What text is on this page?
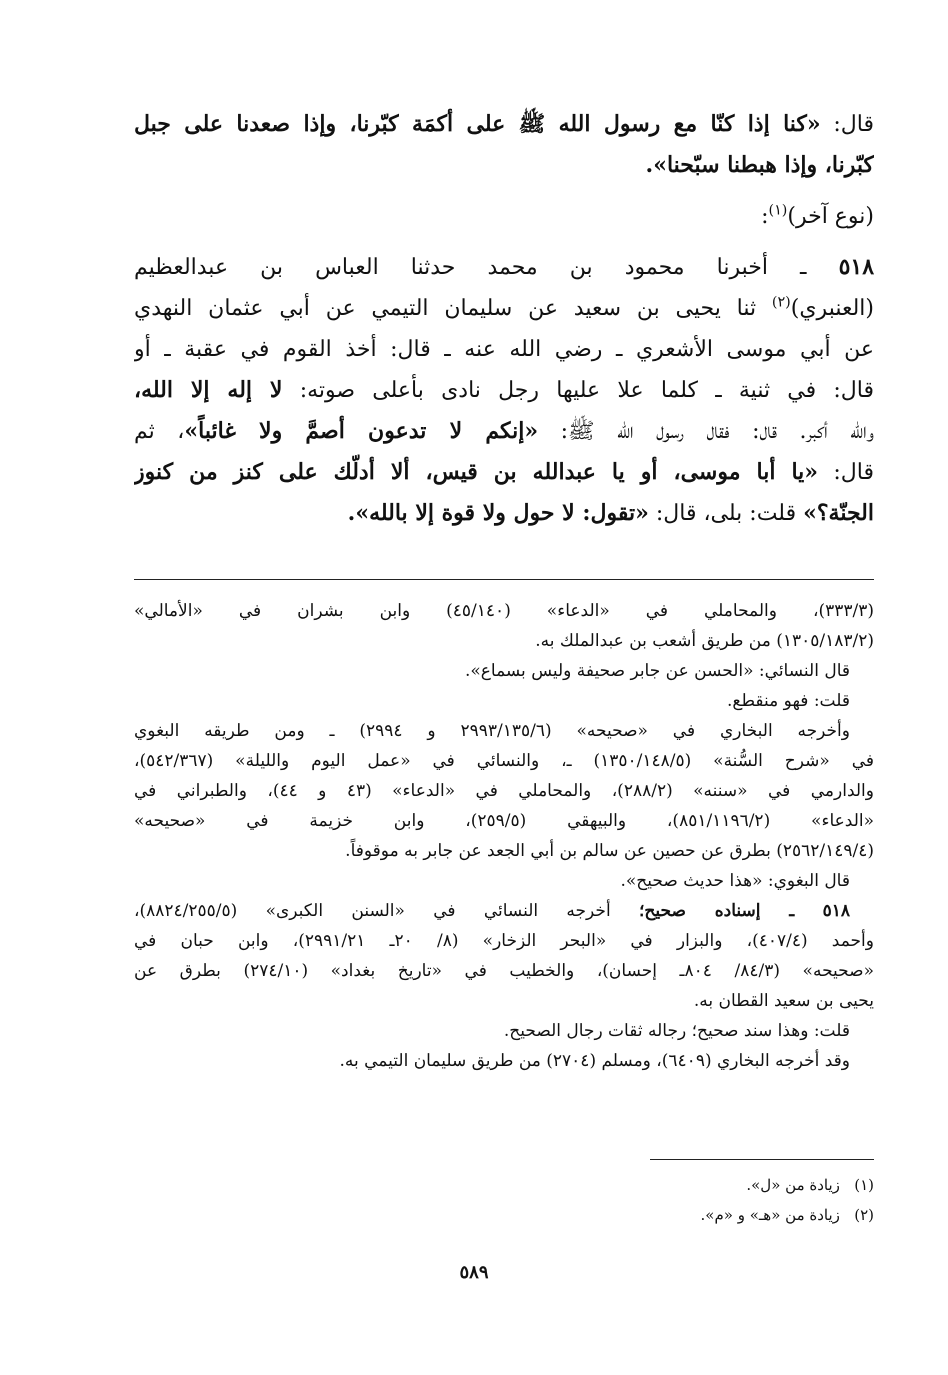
قال: «كنا إذا كنّا مع رسول الله ﷺ على أكمَة كبّرنا، وإذا صعدنا على جبل
كبّرنا، وإذا هبطنا سبّحنا».
(نوع آخر)$^{(١)}$:
٥١٨ ـ أخبرنا محمود بن محمد حدثنا العباس بن عبدالعظيم
(العنبري)$^{(٢)}$ ثنا يحيى بن سعيد عن سليمان التيمي عن أبي عثمان النهدي
عن أبي موسى الأشعري ـ رضي الله عنه ـ قال: أخذ القوم في عقبة ـ أو
قال: في ثنية ـ كلما علا عليها رجل نادى بأعلى صوته: لا إله إلا الله،
والله أكبر. قال: فقال رسول الله ﷺ: «إنكم لا تدعون أصمَّ ولا غائباً»، ثم
قال: «يا أبا موسى، أو يا عبدالله بن قيس، ألا أدلّك على كنز من كنوز
الجنّة؟» قلت: بلى، قال: «تقول: لا حول ولا قوة إلا بالله».
(٣٣٣/٣)، والمحاملي في «الدعاء» (٤٥/١٤٠) وابن بشران في «الأمالي»
(١٣٠٥/١٨٣/٢) من طريق أشعب بن عبدالملك به.
قال النسائي: «الحسن عن جابر صحيفة وليس بسماع».
قلت: فهو منقطع.
وأخرجه البخاري في «صحيحه» (٢٩٩٣/١٣٥/٦ و ٢٩٩٤) ـ ومن طريقه البغوي
في «شرح السُّنة» (١٣٥٠/١٤٨/٥) ـ، والنسائي في «عمل اليوم والليلة» (٥٤٢/٣٦٧)،
والدارمي في «سننه» (٢٨٨/٢)، والمحاملي في «الدعاء» (٤٣ و ٤٤)، والطبراني في
«الدعاء» (٨٥١/١١٩٦/٢)، والبيهقي (٢٥٩/٥)، وابن خزيمة في «صحيحه»
(٢٥٦٢/١٤٩/٤) بطرق عن حصين عن سالم بن أبي الجعد عن جابر به موقوفاً.
قال البغوي: «هذا حديث صحيح».
٥١٨ ـ إسناده صحيح؛ أخرجه النسائي في «السنن الكبرى» (٨٨٢٤/٢٥٥/٥)،
وأحمد (٤٠٧/٤)، والبزار في «البحر الزخار» (٨/ ٢٠ـ ٢٩٩١/٢١)، وابن حبان في
«صحيحه» (٨٤/٣/ ٨٠٤ـ إحسان)، والخطيب في «تاريخ بغداد» (٢٧٤/١٠) بطرق عن
يحيى بن سعيد القطان به.
قلت: وهذا سند صحيح؛ رجاله ثقات رجال الصحيح.
وقد أخرجه البخاري (٦٤٠٩)، ومسلم (٢٧٠٤) من طريق سليمان التيمي به.
(١)   زيادة من «ل».
(٢)   زيادة من «هـ» و «م».
٥٨٩
